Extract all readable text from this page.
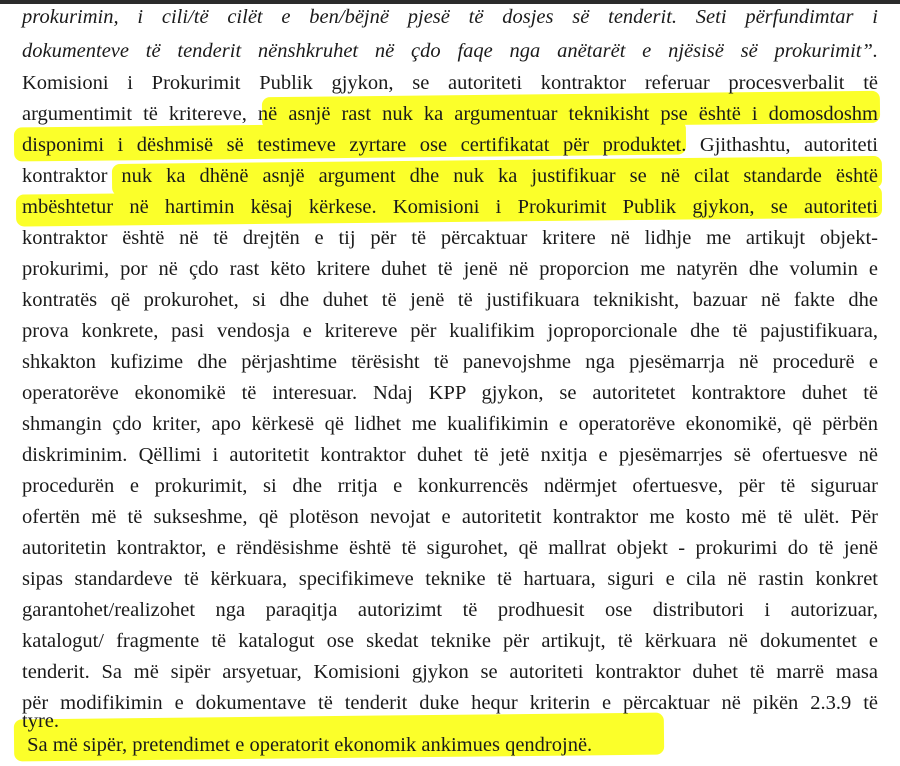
prokurimin, i cili/të cilët e ben/bëjnë pjesë të dosjes së tenderit. Seti përfundimtar i
dokumenteve të tenderit nënshkruhet në çdo faqe nga anëtarët e njësisë së prokurimit”.
Komisioni i Prokurimit Publik gjykon, se autoriteti kontraktor referuar procesverbalit të
argumentimit të kritereve, në asnjë rast nuk ka argumentuar teknikisht pse është i domosdoshm
disponimi i dëshmisë së testimeve zyrtare ose certifikatat për produktet. Gjithashtu, autoriteti
kontraktor nuk ka dhënë asnjë argument dhe nuk ka justifikuar se në cilat standarde është
mbështetur në hartimin kësaj kërkese. Komisioni i Prokurimit Publik gjykon, se autoriteti
kontraktor është në të drejtën e tij për të përcaktuar kritere në lidhje me artikujt objekt-
prokurimi, por në çdo rast këto kritere duhet të jenë në proporcion me natyrën dhe volumin e
kontratës që prokurohet, si dhe duhet të jenë të justifikuara teknikisht, bazuar në fakte dhe
prova konkrete, pasi vendosja e kritereve për kualifikim joproporcionale dhe të pajustifikuara,
shkakton kufizime dhe përjashtime tërësisht të panevojshme nga pjesëmarrja në procedurë e
operatorëve ekonomikë të interesuar. Ndaj KPP gjykon, se autoritetet kontraktore duhet të
shmangin çdo kriter, apo kërkesë që lidhet me kualifikimin e operatorëve ekonomikë, që përbën
diskriminim. Qëllimi i autoritetit kontraktor duhet të jetë nxitja e pjesëmarrjes së ofertuesve në
procedurën e prokurimit, si dhe rritja e konkurrencës ndërmjet ofertuesve, për të siguruar
ofertën më të sukseshme, që plotëson nevojat e autoritetit kontraktor me kosto më të ulët. Për
autoritetin kontraktor, e rëndësishme është të sigurohet, që mallrat objekt - prokurimi do të jenë
sipas standardeve të kërkuara, specifikimeve teknike të hartuara, siguri e cila në rastin konkret
garantohet/realizohet nga paraqitja autorizimt të prodhuesit ose distributori i autorizuar,
katalogut/ fragmente të katalogut ose skedat teknike për artikujt, të kërkuara në dokumentet e
tenderit. Sa më sipër arsyetuar, Komisioni gjykon se autoriteti kontraktor duhet të marrë masa
për modifikimin e dokumentave të tenderit duke hequr kriterin e përcaktuar në pikën 2.3.9 të
tyre.
Sa më sipër, pretendimet e operatorit ekonomik ankimues qendrojnë.
